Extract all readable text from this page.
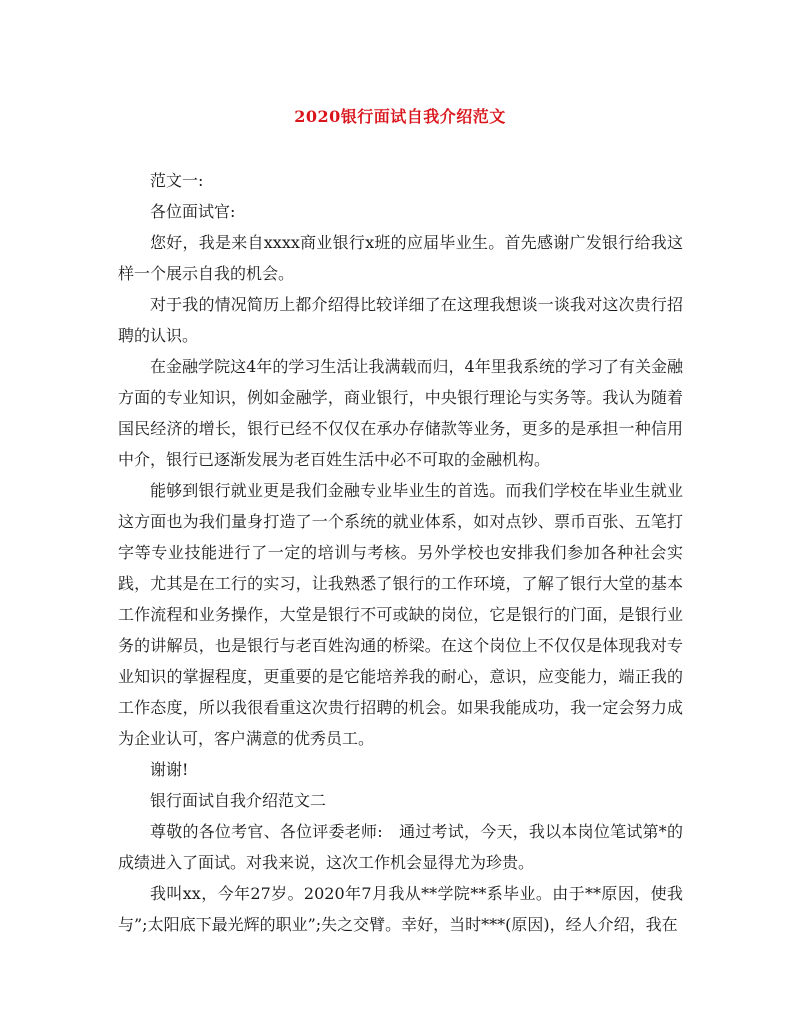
2020银行面试自我介绍范文

范文一:

各位面试官:

您好，我是来自xxxx商业银行x班的应届毕业生。首先感谢广发银行给我这样一个展示自我的机会。

对于我的情况简历上都介绍得比较详细了在这理我想谈一谈我对这次贵行招聘的认识。

在金融学院这4年的学习生活让我满载而归，4年里我系统的学习了有关金融方面的专业知识，例如金融学，商业银行，中央银行理论与实务等。我认为随着国民经济的增长，银行已经不仅仅在承办存储款等业务，更多的是承担一种信用中介，银行已逐渐发展为老百姓生活中必不可取的金融机构。

能够到银行就业更是我们金融专业毕业生的首选。而我们学校在毕业生就业这方面也为我们量身打造了一个系统的就业体系，如对点钞、票币百张、五笔打字等专业技能进行了一定的培训与考核。另外学校也安排我们参加各种社会实践，尤其是在工行的实习，让我熟悉了银行的工作环境，了解了银行大堂的基本工作流程和业务操作，大堂是银行不可或缺的岗位，它是银行的门面，是银行业务的讲解员，也是银行与老百姓沟通的桥梁。在这个岗位上不仅仅是体现我对专业知识的掌握程度，更重要的是它能培养我的耐心，意识，应变能力，端正我的工作态度，所以我很看重这次贵行招聘的机会。如果我能成功，我一定会努力成为企业认可，客户满意的优秀员工。

谢谢!

银行面试自我介绍范文二

尊敬的各位考官、各位评委老师:　通过考试，今天，我以本岗位笔试第*的成绩进入了面试。对我来说，这次工作机会显得尤为珍贵。

我叫xx，今年27岁。2020年7月我从**学院**系毕业。由于**原因，使我与”;太阳底下最光辉的职业”;失之交臂。幸好，当时***(原因)，经人介绍，我在
